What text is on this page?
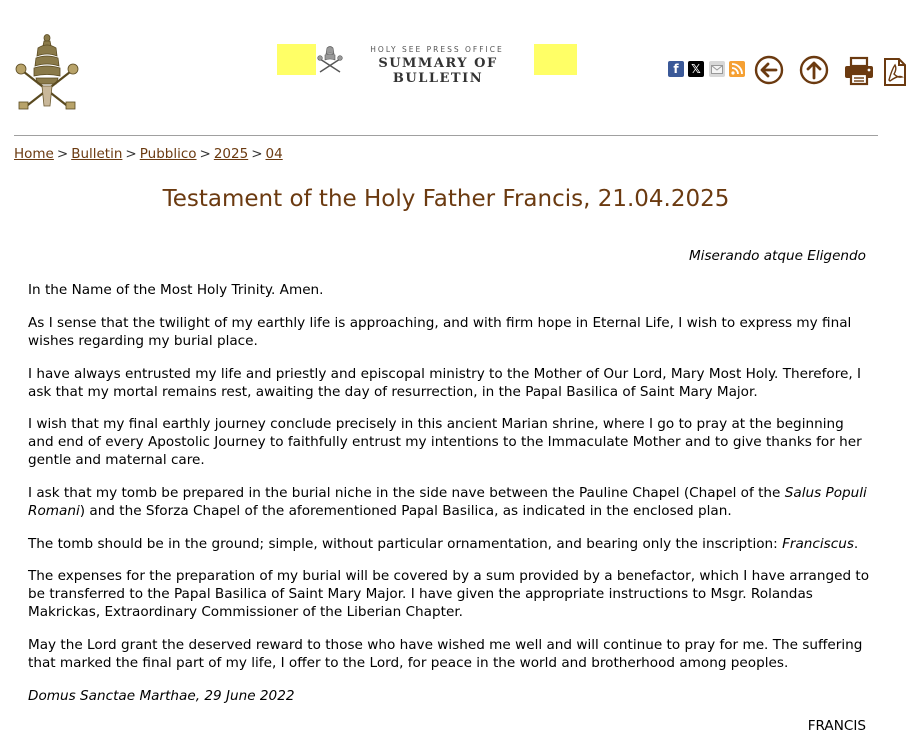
HOLY SEE PRESS OFFICE
SUMMARY OF BULLETIN
f	𝕏
Home > Bulletin > Pubblico > 2025 > 04
Testament of the Holy Father Francis, 21.04.2025
Miserando atque Eligendo

In the Name of the Most Holy Trinity. Amen.

As I sense that the twilight of my earthly life is approaching, and with firm hope in Eternal Life, I wish to express my final wishes regarding my burial place.

I have always entrusted my life and priestly and episcopal ministry to the Mother of Our Lord, Mary Most Holy. Therefore, I ask that my mortal remains rest, awaiting the day of resurrection, in the Papal Basilica of Saint Mary Major.

I wish that my final earthly journey conclude precisely in this ancient Marian shrine, where I go to pray at the beginning and end of every Apostolic Journey to faithfully entrust my intentions to the Immaculate Mother and to give thanks for her gentle and maternal care.

I ask that my tomb be prepared in the burial niche in the side nave between the Pauline Chapel (Chapel of the Salus Populi Romani) and the Sforza Chapel of the aforementioned Papal Basilica, as indicated in the enclosed plan.

The tomb should be in the ground; simple, without particular ornamentation, and bearing only the inscription: Franciscus.

The expenses for the preparation of my burial will be covered by a sum provided by a benefactor, which I have arranged to be transferred to the Papal Basilica of Saint Mary Major. I have given the appropriate instructions to Msgr. Rolandas Makrickas, Extraordinary Commissioner of the Liberian Chapter.

May the Lord grant the deserved reward to those who have wished me well and will continue to pray for me. The suffering that marked the final part of my life, I offer to the Lord, for peace in the world and brotherhood among peoples.

Domus Sanctae Marthae, 29 June 2022

FRANCIS
